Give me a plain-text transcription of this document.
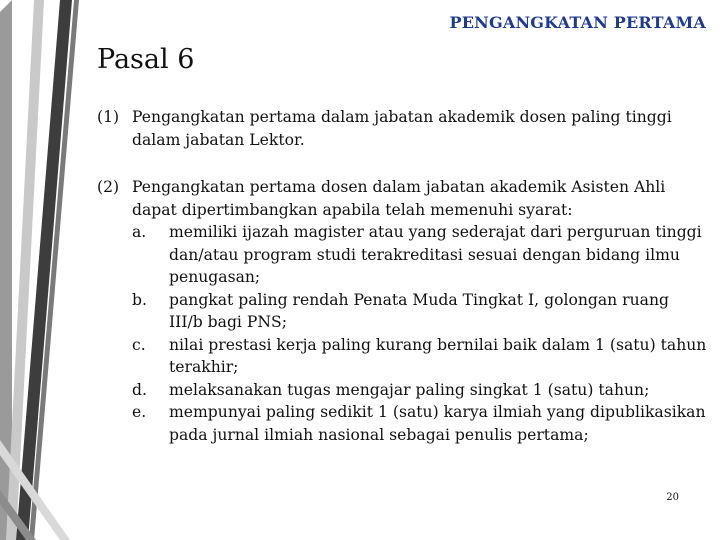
PENGANGKATAN PERTAMA
Pasal 6
(1) Pengangkatan pertama dalam jabatan akademik dosen paling tinggi dalam jabatan Lektor.
(2) Pengangkatan pertama dosen dalam jabatan akademik Asisten Ahli dapat dipertimbangkan apabila telah memenuhi syarat:
a. memiliki ijazah magister atau yang sederajat dari perguruan tinggi dan/atau program studi terakreditasi sesuai dengan bidang ilmu penugasan;
b. pangkat paling rendah Penata Muda Tingkat I, golongan ruang III/b bagi PNS;
c. nilai prestasi kerja paling kurang bernilai baik dalam 1 (satu) tahun terakhir;
d. melaksanakan tugas mengajar paling singkat 1 (satu) tahun;
e. mempunyai paling sedikit 1 (satu) karya ilmiah yang dipublikasikan pada jurnal ilmiah nasional sebagai penulis pertama;
20
